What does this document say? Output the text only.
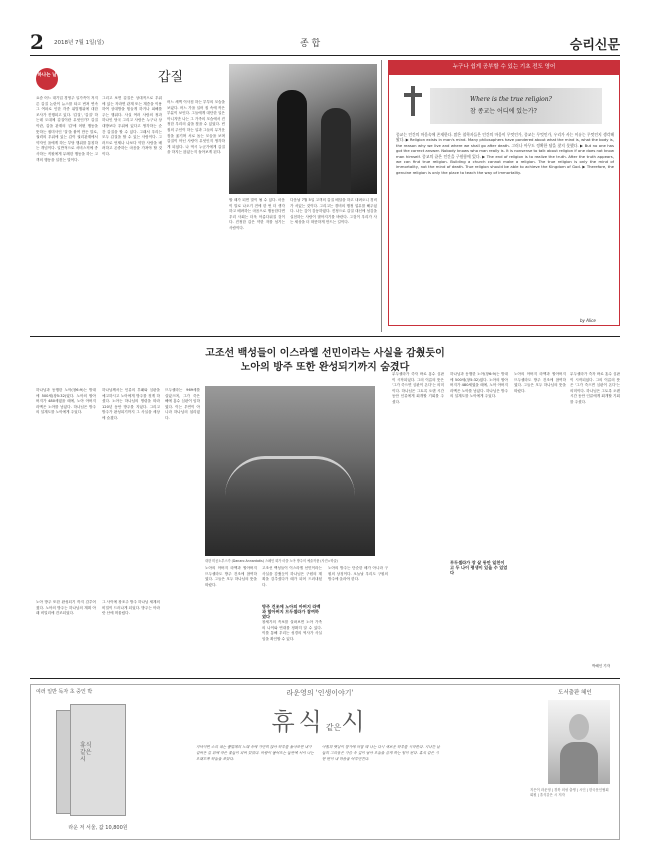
2 2018년 7월 1일(일)	종 합	승리신문
하나는 날	갑질
요즘 어느 대기업 경영주 일가족이 저지른 갑질 논란이 뉴스를 타고 번져 연속 그 여파로 인한 각종 위법행위에 대한 조사가 진행되고 있다. '갑질', '갑질' 하는데 도대체 갑질이란 무엇인가? 갑질이란, 갑을 관계의 '갑'에 어떤 행동을 뜻하는 접미사인 '질'을 붙여 만든 말로, 권력의 우위에 있는 갑이 권리관계에서 약자인 을에게 하는 부당 행위를 통칭하는 개념이다. 일반적으로 서비스직에 종사하는 직원에게 무례한 행동을 하는 고객의 행동을 일컫는 말이다.
그리고 보면 갑질은 상대적으로 우위에 있는 자라면 관계 또는 계층을 이용하여 상대방을 힘들게 하거나 피해를 주는 행위다. 사실 여러 사람의 정과 하나인 당국 그리고 사람은 누구나 상대방보다 우위에 있다고 생각하는 순간 갑질을 할 수 있다. 그래서 우리는 모두 갑질을 할 수 있는 사람이다. 그러므로 언제나 나보다 약한 사람을 배려하고 존중하는 마음을 가져야 할 것이다.
어느 새벽 이사짐 하는 부부의 모습을 보았다. 어느 가을 일어 집 속에 작은 부분이 보인다. 그들에게 대단한 일은 아니지만 나는 그 가족의 모습에서 진정한 우리의 삶을 찾을 수 있었다. 빈 집의 주인이 하는 일과 그들의 무거운 짐을 옮기며 서로 돕는 모습을 보며 갑질이 아닌 사랑이 무엇인지 생각하게 되었다. 나 역시 누군가에게 갑질을 하지는 않았는지 돌아보게 된다.
할 때가 되면 말이 될 수 있다. 마음이 말로 나오기 전에 한 번 더 생각하고 배려하는 마음으로 행동한다면 우리 사회는 더욱 아름다워질 것이다. 진정한 갑은 약한 자를 섬기는 사람이다.
다음날 7월 5일 고객의 갑질 배달을 하고 내려오니 경비가 서있는 것이다. 그리고는 경비의 행정 업무를 해주었다. 나는 깊이 감동하였다. 진정으로 갑질 대신에 섬김을 실천하는 사람이 많아지기를 바란다. 그것이 우리가 사는 세상을 더 따뜻하게 만드는 길이다.
누구나 쉽게 공부할 수 있는 기초 전도 영어
Where is the true religion?
참 종교는 어디에 있는가?
종교는 인간의 마음속에 존재한다. 많은 철학자들은 인간의 마음이 무엇인가, 종교는 무엇인가, 우리가 사는 이유는 무엇인지 생각해 왔다. ▶ Religion exists in man's mind. Many philosophers have pondered about what the mind is, what the body is, the reason why we live and where we shall go after death. 그러나 아무도 정확한 답을 찾지 못했다. ▶ But no one has got the correct answer. Nobody knows who man really is. It is nonsense to talk about religion if one does not know man himself. 종교의 끝은 인간을 구원함에 있다. ▶ The end of religion is to realize the truth. After the truth appears, we can find true religion. Building a church cannot make a religion. The true religion is only the mind of immortality, not the mind of death. True religion should be able to achieve the Kingdom of God. ▶ Therefore, the genuine religion is only the place to teach the way of immortality.
by Alice
고조선 백성들이 이스라엘 선민이라는 사실을 감췄듯이
노아의 방주 또한 완성되기까지 숨겼다
하나님과 동행한 노아(창6:9)는 방대에 500세(창5:32)였다. 노아의 할아버지가 480세였을 때에, 노아 아버지 라멕은 노아를 낳았다. 하나님은 방주의 설계도를 노아에게 주었다.
하나님께서는 인류의 부패와 심판을 예고하시고 노아에게 방주를 짓게 하셨다. 노아는 하나님의 명령을 따라 120년 동안 방주를 지었다. 그리고 방주가 완성되기까지 그 사실을 세상에 숨겼다.
므두셀라는 969세를 살았으며, 그가 죽은 해에 홍수 심판이 임하였다. 이는 우연이 아니라 하나님의 섭리였다.
대한 미공노부스가 (Danaro Annardatis) 스페인 화가 마을 노아 방주의 예술작품 (사진=학술)
노아 방주 또한 완성되기 까지 감추어졌다. 노아의 방주는 하나님의 계획 아래 비밀리에 건조되었다.
그 사이에 창조주 방주 하나님 세계의 비밀이 드러나게 되었다. 방주는 아라랏 산에 머물렀다.
노아의 아버지 라멕과 할아버지 므두셀라도 방주 건조에 참여하였다. 그들은 모두 하나님의 뜻을 따랐다.
고조선 백성들이 이스라엘 선민이라는 사실을 감췄듯이 하나님은 구원의 계획을 감추셨다가 때가 되어 드러내셨다.
방주 건조에 노아의 아버지 라멕과 할아버지 므두셀라가 참여하였다
창세기의 족보를 살펴보면 노아 가족의 나이와 연대를 정확히 알 수 있다. 이를 통해 우리는 성경의 역사가 사실임을 확인할 수 있다.
노아의 방주는 단순한 배가 아니라 구원의 상징이다. 오늘날 우리도 구원의 방주에 올라야 한다.
무두셀라가 죽자 바로 홍수 심판이 시작되었다. 그의 이름의 뜻은 '그가 죽으면 심판이 온다'는 의미이다. 하나님은 그토록 오랜 시간 동안 인류에게 회개할 기회를 주셨다.
하나님과 동행한 노아(창6:9)는 방대에 500세(창5:32)였다. 노아의 할아버지가 480세였을 때에, 노아 아버지 라멕은 노아를 낳았다. 하나님은 방주의 설계도를 노아에게 주었다.
무두셀라가 장 살 동안 일천이고 두 나이 평생이 있을 수 있었다
노아의 아버지 라멕과 할아버지 므두셀라도 방주 건조에 참여하였다. 그들은 모두 하나님의 뜻을 따랐다.
무두셀라가 죽자 바로 홍수 심판이 시작되었다. 그의 이름의 뜻은 '그가 죽으면 심판이 온다'는 의미이다. 하나님은 그토록 오랜 시간 동안 인류에게 회개할 기회를 주셨다.
박혜인 기자
여러 일반 독자 초 중인 박
휴식같은시
라운 저 서울, 값 10,800원
라운영의 '인생이야기'
휴식같은시
저녁이면 소리 내는 풀벌레의 노래 속에 가만히 앉아 하루를 돌아보면 내가 걸어온 길 위에 작은 꽃들이 피어 있었다. 바람이 불어오는 들판에 서서 나는 오래도록 하늘을 보았다.
아침의 햇살이 창가에 머물 때 나는 다시 새로운 하루를 시작한다. 지나간 날들의 그리움은 가슴 속 깊이 남아 오늘을 살게 하는 힘이 된다. 휴식 같은 시 한 편이 내 마음을 어루만진다.
도서출판 혜인
지은이 라운영 | 경북 의성 출생 | 시인 | 한국문인협회 회원 | 휴식같은 시 저자
